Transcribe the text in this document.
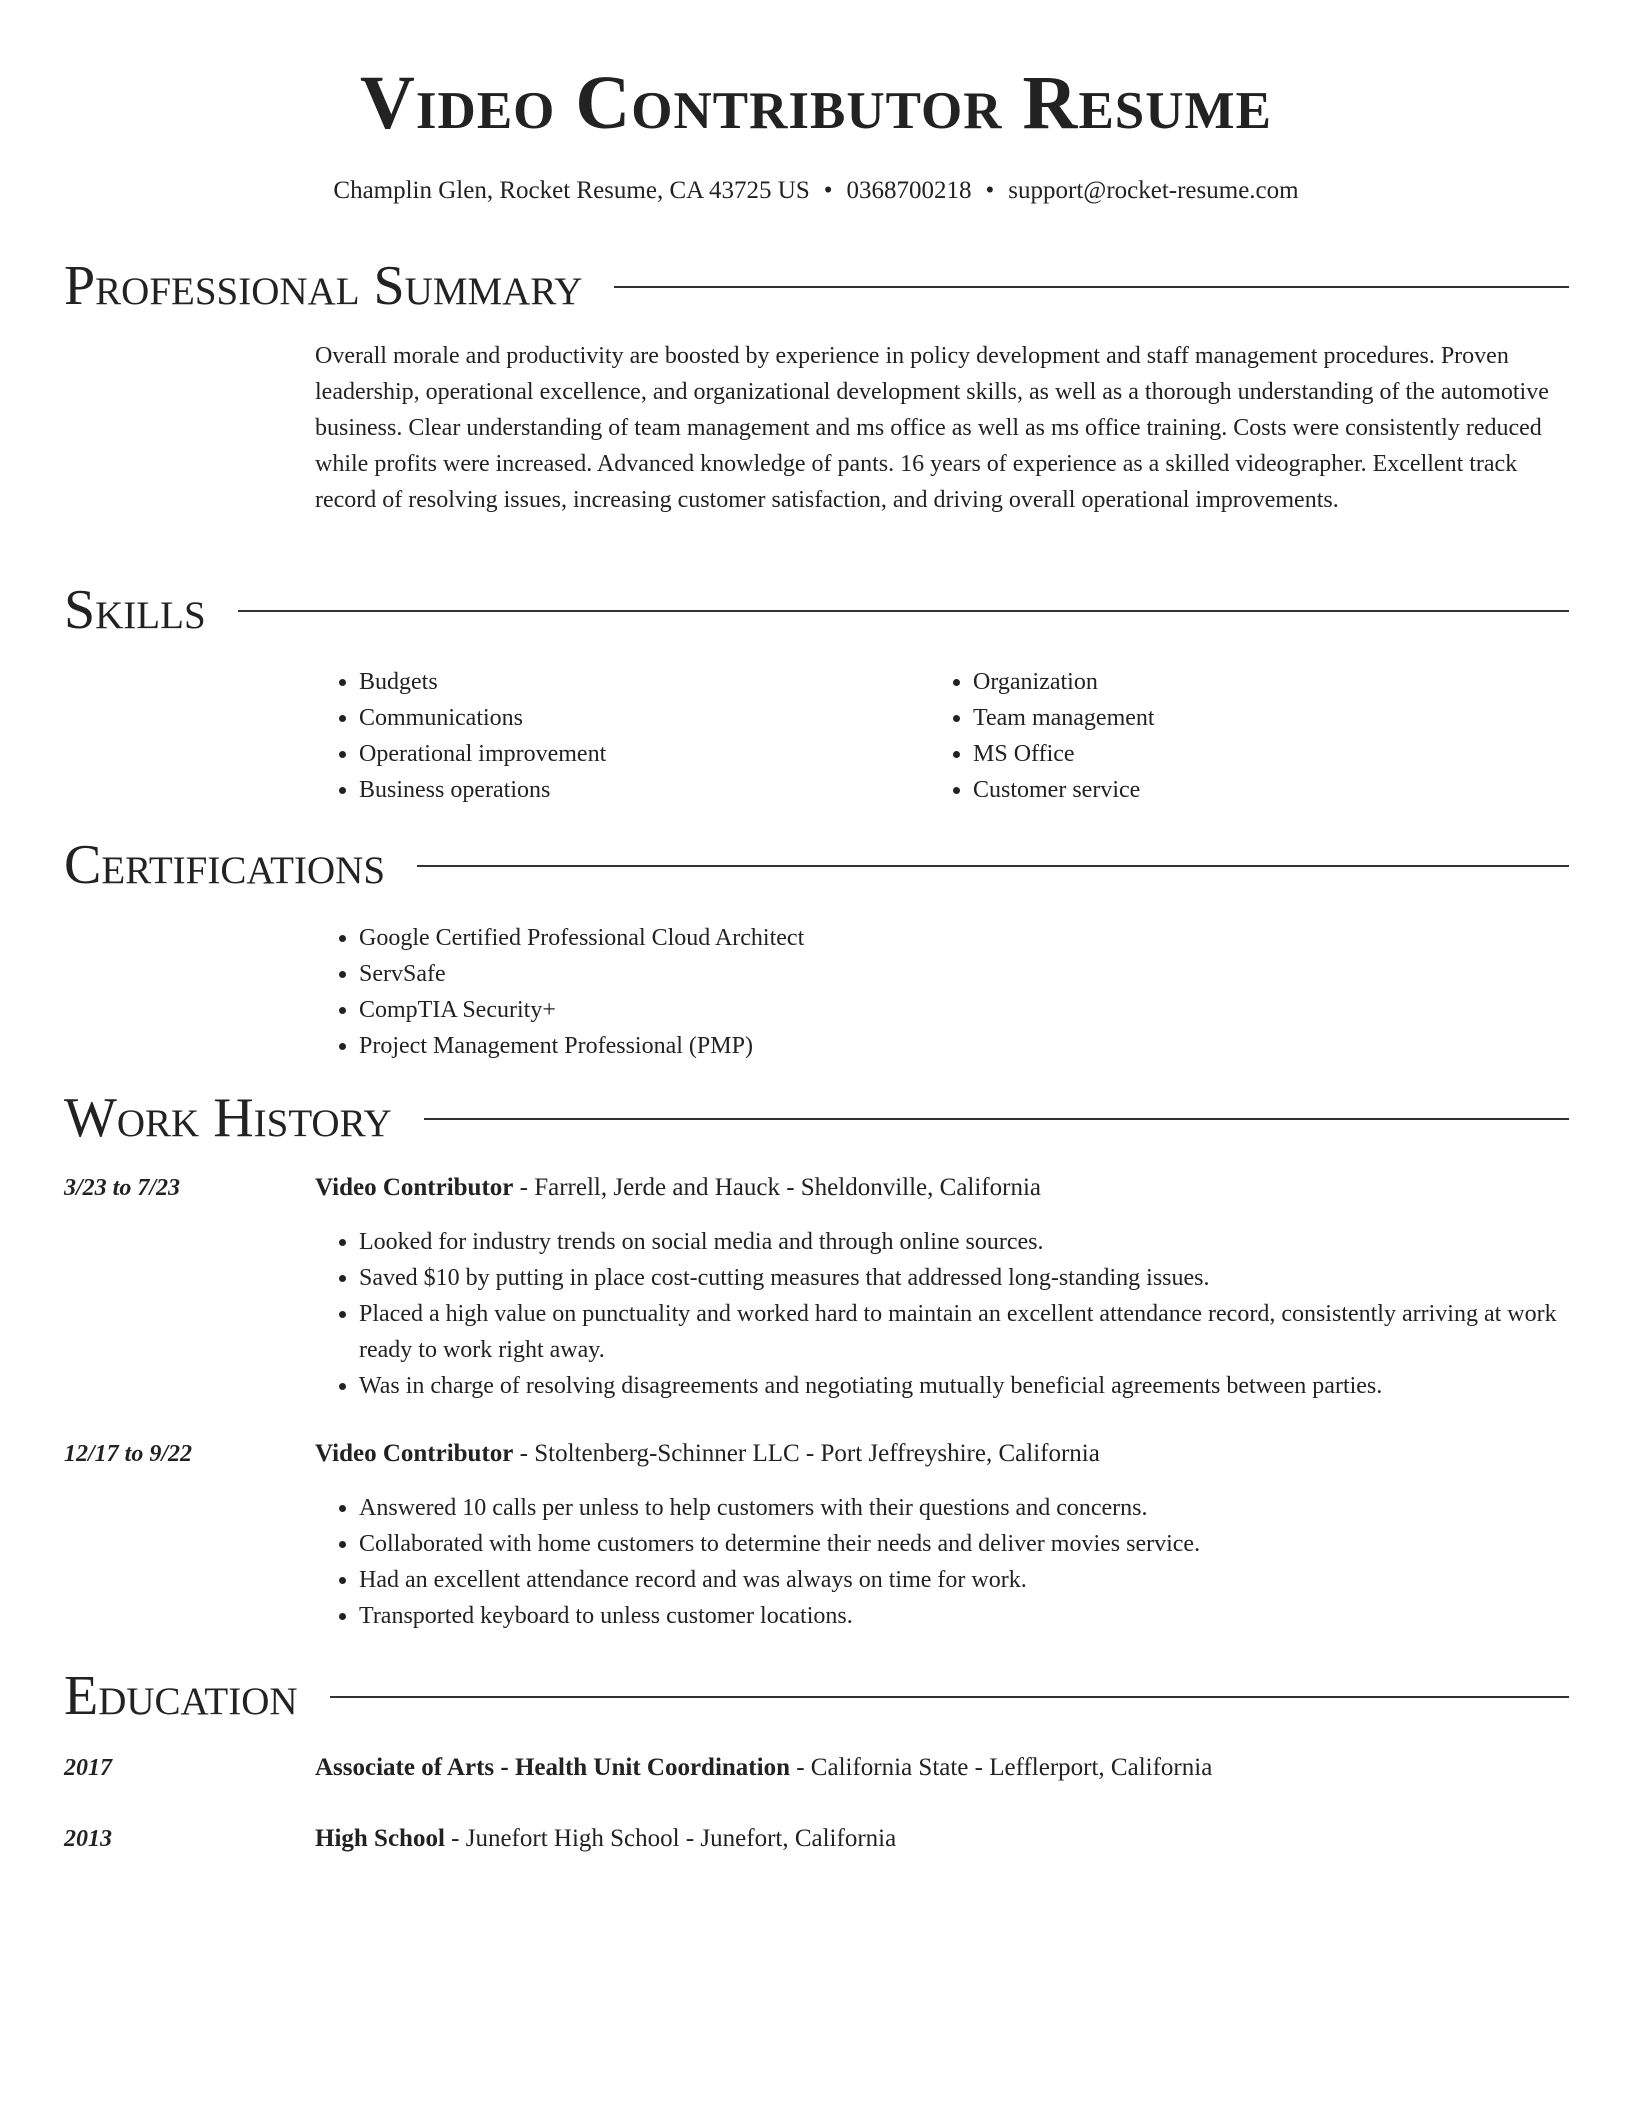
Video Contributor Resume
Champlin Glen, Rocket Resume, CA 43725 US • 0368700218 • support@rocket-resume.com
Professional Summary

Overall morale and productivity are boosted by experience in policy development and staff management procedures. Proven leadership, operational excellence, and organizational development skills, as well as a thorough understanding of the automotive business. Clear understanding of team management and ms office as well as ms office training. Costs were consistently reduced while profits were increased. Advanced knowledge of pants. 16 years of experience as a skilled videographer. Excellent track record of resolving issues, increasing customer satisfaction, and driving overall operational improvements.

Skills
• Budgets
• Communications
• Operational improvement
• Business operations
• Organization
• Team management
• MS Office
• Customer service
Certifications
• Google Certified Professional Cloud Architect
• ServSafe
• CompTIA Security+
• Project Management Professional (PMP)
Work History
3/23 to 7/23	Video Contributor - Farrell, Jerde and Hauck - Sheldonville, California
• Looked for industry trends on social media and through online sources.
• Saved $10 by putting in place cost-cutting measures that addressed long-standing issues.
• Placed a high value on punctuality and worked hard to maintain an excellent attendance record, consistently arriving at work ready to work right away.
• Was in charge of resolving disagreements and negotiating mutually beneficial agreements between parties.
12/17 to 9/22	Video Contributor - Stoltenberg-Schinner LLC - Port Jeffreyshire, California
• Answered 10 calls per unless to help customers with their questions and concerns.
• Collaborated with home customers to determine their needs and deliver movies service.
• Had an excellent attendance record and was always on time for work.
• Transported keyboard to unless customer locations.
Education
2017	Associate of Arts - Health Unit Coordination - California State - Lefflerport, California
2013	High School - Junefort High School - Junefort, California
